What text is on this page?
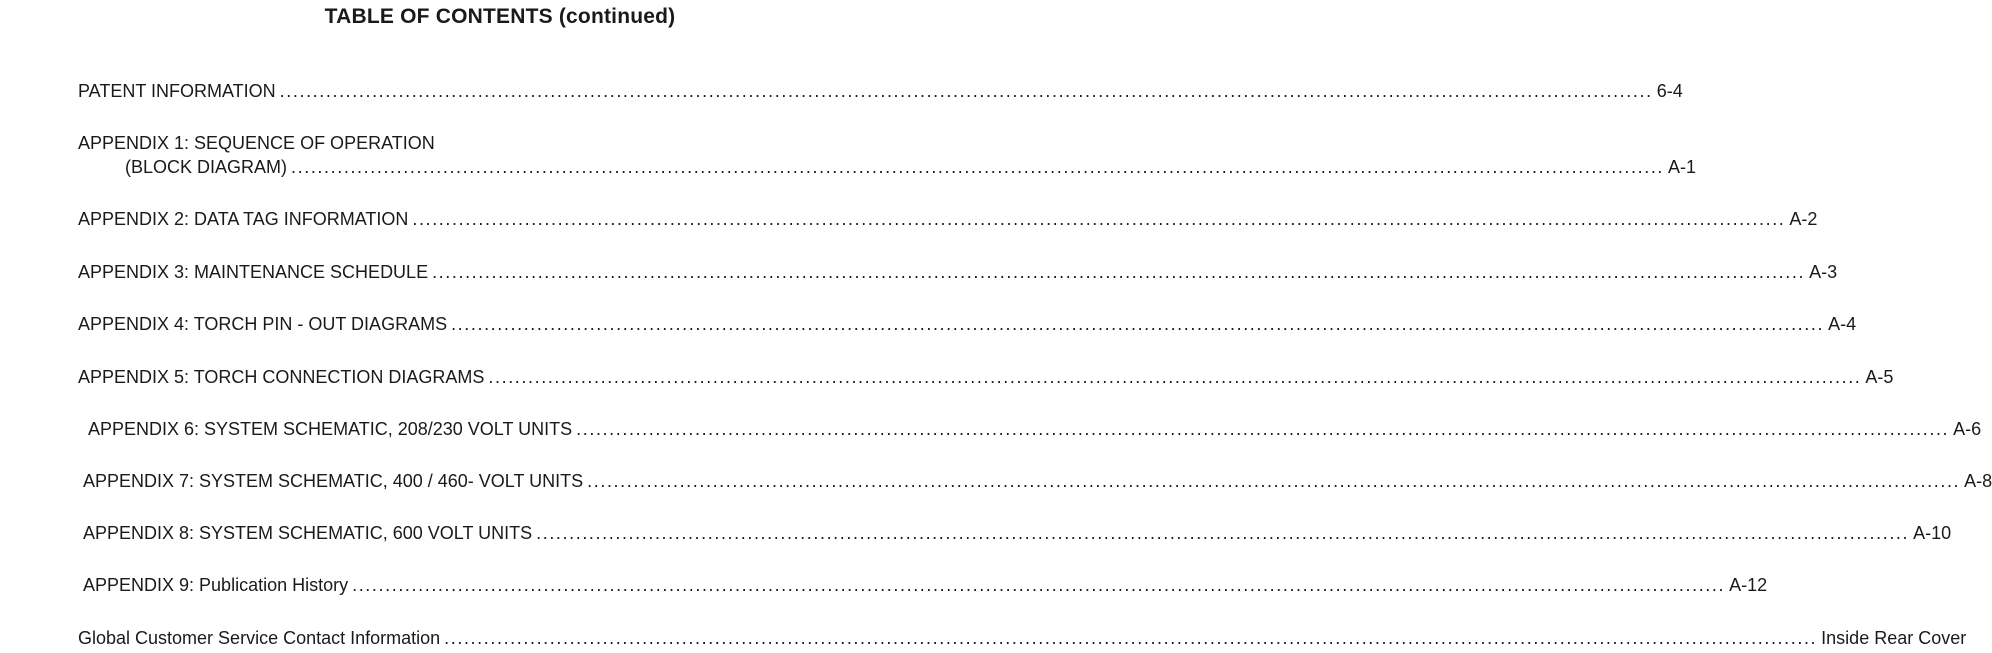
TABLE OF CONTENTS (continued)
PATENT INFORMATION ................................................................................................................................................................................................................ 6-4
APPENDIX 1: SEQUENCE OF OPERATION
(BLOCK DIAGRAM) ................................................................................................................................................................................................................ A-1
APPENDIX 2: DATA TAG INFORMATION ................................................................................................................................................................................................................ A-2
APPENDIX 3: MAINTENANCE SCHEDULE ................................................................................................................................................................................................................ A-3
APPENDIX 4: TORCH PIN - OUT DIAGRAMS ................................................................................................................................................................................................................ A-4
APPENDIX 5: TORCH CONNECTION DIAGRAMS ................................................................................................................................................................................................................ A-5
APPENDIX 6: SYSTEM SCHEMATIC, 208/230 VOLT UNITS ................................................................................................................................................................................................................ A-6
APPENDIX 7: SYSTEM SCHEMATIC, 400 / 460- VOLT UNITS ................................................................................................................................................................................................................ A-8
APPENDIX 8: SYSTEM SCHEMATIC, 600 VOLT UNITS ................................................................................................................................................................................................................ A-10
APPENDIX 9: Publication History ................................................................................................................................................................................................................ A-12
Global Customer Service Contact Information ................................................................................................................................................................................................................ Inside Rear Cover
